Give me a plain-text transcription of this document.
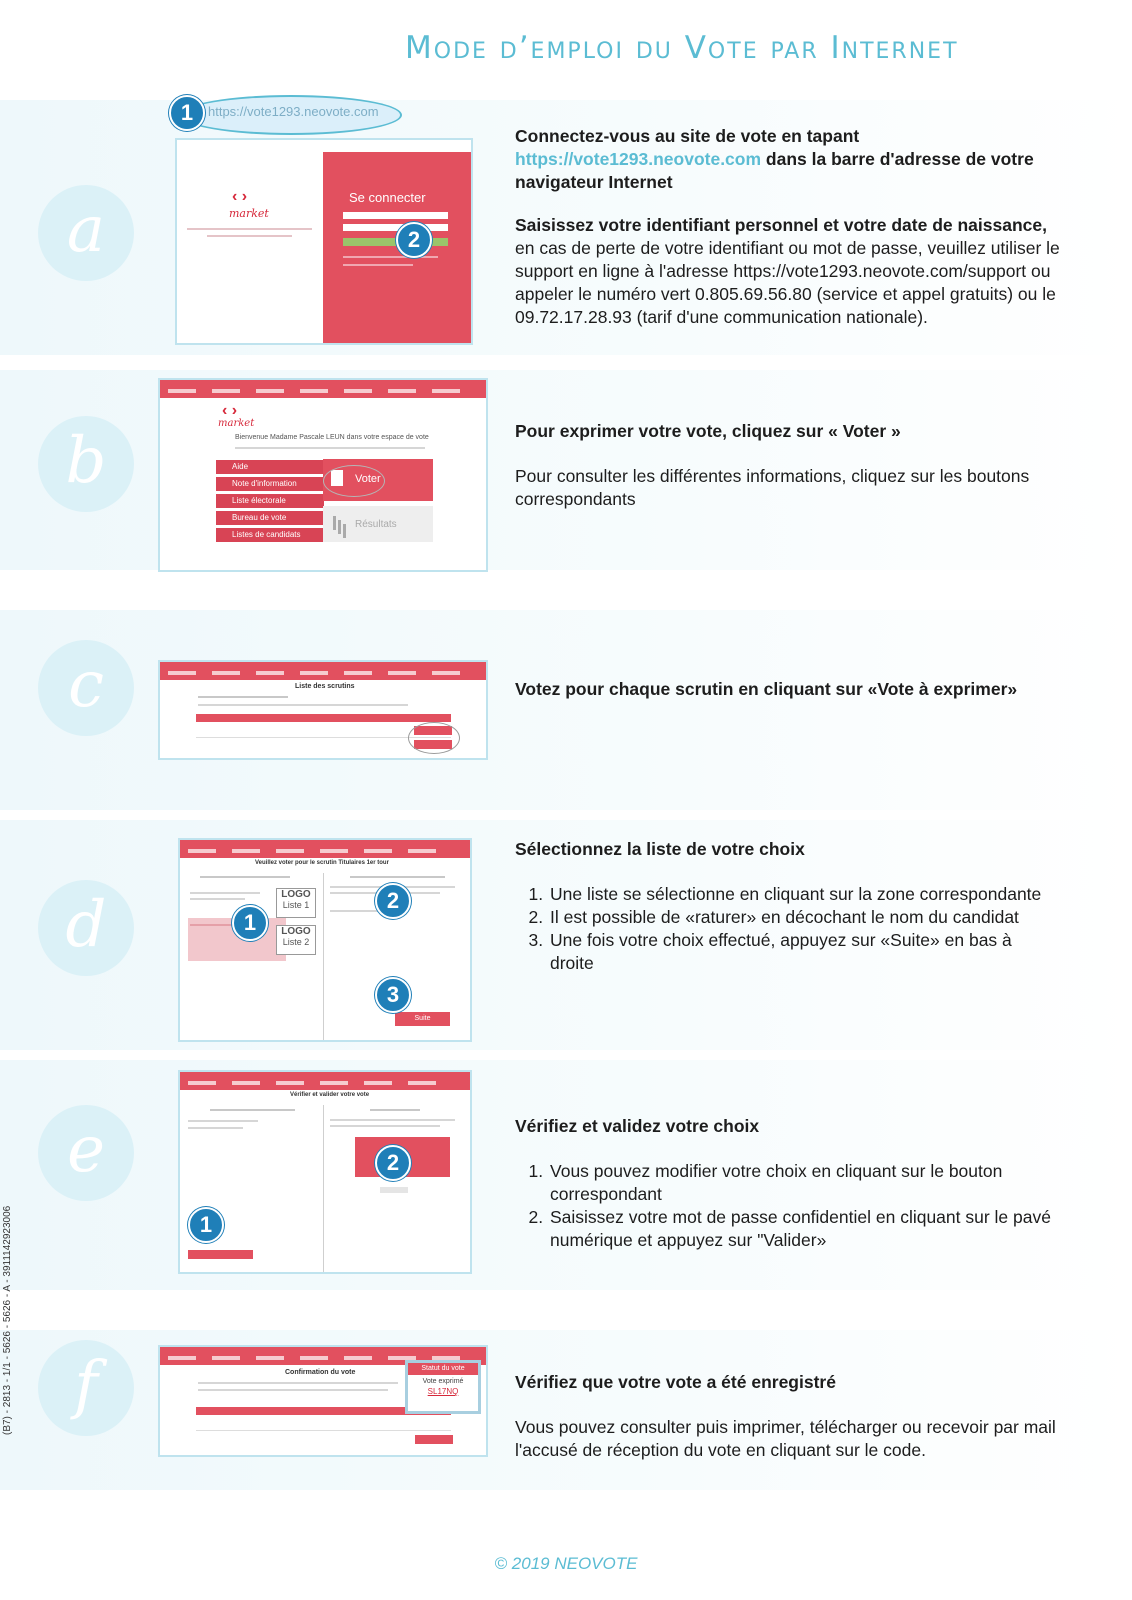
Mode d’emploi du Vote par Internet
a
b
c
d
e
f
https://vote1293.neovote.com
1
‹ ›
market
Se connecter
2
Connectez-vous au site de vote en tapant https://vote1293.neovote.com dans la barre d'adresse de votre navigateur Internet
Saisissez votre identifiant personnel et votre date de naissance, en cas de perte de votre identifiant ou mot de passe, veuillez utiliser le support en ligne à l'adresse https://vote1293.neovote.com/support ou appeler le numéro vert 0.805.69.56.80 (service et appel gratuits) ou le 09.72.17.28.93 (tarif d'une communication nationale).
‹ ›
market
Bienvenue Madame Pascale LEUN dans votre espace de vote
Aide
Note d'information
Liste électorale
Bureau de vote
Listes de candidats
Voter
Résultats
Pour exprimer votre vote, cliquez sur « Voter »
Pour consulter les différentes informations, cliquez sur les boutons correspondants
Liste des scrutins	Votez pour chaque scrutin en cliquant sur «Vote à exprimer»
Veuillez voter pour le scrutin Titulaires 1er tour
LOGO
Liste 1
LOGO
Liste 2
Suite
1
2
3
Sélectionnez la liste de votre choix
1. Une liste se sélectionne en cliquant sur la zone correspondante
2. Il est possible de «raturer» en décochant le nom du candidat
3. Une fois votre choix effectué, appuyez sur «Suite» en bas à droite
Vérifier et valider votre vote
1
2
Vérifiez et validez votre choix
1. Vous pouvez modifier votre choix en cliquant sur le bouton correspondant
2. Saisissez votre mot de passe confidentiel en cliquant sur le pavé numérique et appuyez sur "Valider»
Confirmation du vote
Statut du vote
Vote exprimé
SL17NQ	Vérifiez que votre vote a été enregistré
Vous pouvez consulter puis imprimer, télécharger ou recevoir par mail l'accusé de réception du vote en cliquant sur le code.
© 2019 NEOVOTE
(B7) - 2813 - 1/1 - 5626 - 5626 - A - 3911142923006
